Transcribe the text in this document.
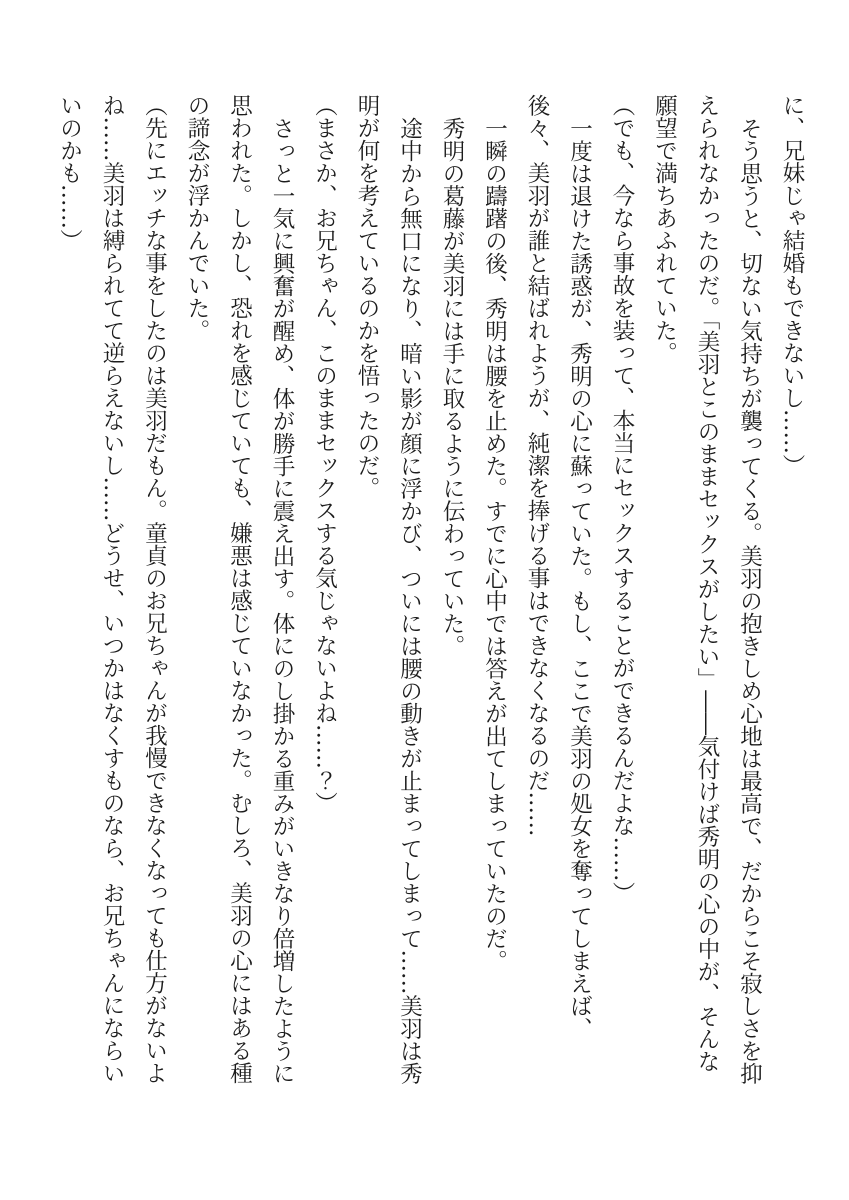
に、兄妹じゃ結婚もできないし……）

そう思うと、切ない気持ちが襲ってくる。美羽の抱きしめ心地は最高で、だからこそ寂しさを抑えられなかったのだ。「美羽とこのままセックスがしたい」――気付けば秀明の心の中が、そんな願望で満ちあふれていた。

（でも、今なら事故を装って、本当にセックスすることができるんだよな……）

一度は退けた誘惑が、秀明の心に蘇っていた。もし、ここで美羽の処女を奪ってしまえば、後々、美羽が誰と結ばれようが、純潔を捧げる事はできなくなるのだ……

一瞬の躊躇の後、秀明は腰を止めた。すでに心中では答えが出てしまっていたのだ。

秀明の葛藤が美羽には手に取るように伝わっていた。

途中から無口になり、暗い影が顔に浮かび、ついには腰の動きが止まってしまって……美羽は秀明が何を考えているのかを悟ったのだ。

（まさか、お兄ちゃん、このままセックスする気じゃないよね……？）

さっと一気に興奮が醒め、体が勝手に震え出す。体にのし掛かる重みがいきなり倍増したように思われた。しかし、恐れを感じていても、嫌悪は感じていなかった。むしろ、美羽の心にはある種の諦念が浮かんでいた。

（先にエッチな事をしたのは美羽だもん。童貞のお兄ちゃんが我慢できなくなっても仕方がないよね……美羽は縛られてて逆らえないし……どうせ、いつかはなくすものなら、お兄ちゃんにならいいのかも……）
